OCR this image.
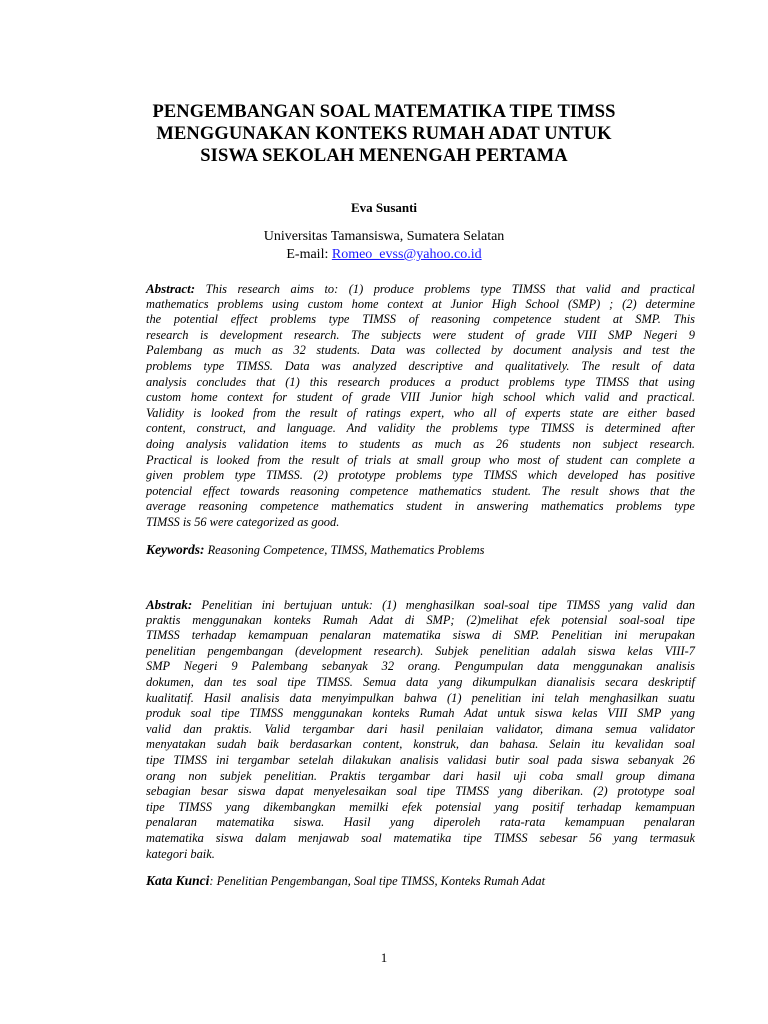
PENGEMBANGAN SOAL MATEMATIKA TIPE TIMSS
MENGGUNAKAN KONTEKS RUMAH ADAT UNTUK
SISWA SEKOLAH MENENGAH PERTAMA
Eva Susanti
Universitas Tamansiswa, Sumatera Selatan
E-mail: Romeo_evss@yahoo.co.id
Abstract: This research aims to: (1) produce problems type TIMSS that valid and practical
mathematics problems using custom home context at Junior High School (SMP) ; (2) determine
the potential effect problems type TIMSS of reasoning competence student at SMP. This
research is development research. The subjects were student of grade VIII SMP Negeri 9
Palembang as much as 32 students. Data was collected by document analysis and test the
problems type TIMSS. Data was analyzed descriptive and qualitatively. The result of data
analysis concludes that (1) this research produces a product problems type TIMSS that using
custom home context for student of grade VIII Junior high school which valid and practical.
Validity is looked from the result of ratings expert, who all of experts state are either based
content, construct, and language. And validity the problems type TIMSS is determined after
doing analysis validation items to students as much as 26 students non subject research.
Practical is looked from the result of trials at small group who most of student can complete a
given problem type TIMSS. (2) prototype problems type TIMSS which developed has positive
potencial effect towards reasoning competence mathematics student. The result shows that the
average reasoning competence mathematics student in answering mathematics problems type
TIMSS is 56 were categorized as good.
Keywords: Reasoning Competence, TIMSS, Mathematics Problems
Abstrak: Penelitian ini bertujuan untuk: (1) menghasilkan soal-soal tipe TIMSS yang valid dan
praktis menggunakan konteks Rumah Adat di SMP; (2)melihat efek potensial soal-soal tipe
TIMSS terhadap kemampuan penalaran matematika siswa di SMP. Penelitian ini merupakan
penelitian pengembangan (development research). Subjek penelitian adalah siswa kelas VIII-7
SMP Negeri 9 Palembang sebanyak 32 orang. Pengumpulan data menggunakan analisis
dokumen, dan tes soal tipe TIMSS. Semua data yang dikumpulkan dianalisis secara deskriptif
kualitatif. Hasil analisis data menyimpulkan bahwa (1) penelitian ini telah menghasilkan suatu
produk soal tipe TIMSS menggunakan konteks Rumah Adat untuk siswa kelas VIII SMP yang
valid dan praktis. Valid tergambar dari hasil penilaian validator, dimana semua validator
menyatakan sudah baik berdasarkan content, konstruk, dan bahasa. Selain itu kevalidan soal
tipe TIMSS ini tergambar setelah dilakukan analisis validasi butir soal pada siswa sebanyak 26
orang non subjek penelitian. Praktis tergambar dari hasil uji coba small group dimana
sebagian besar siswa dapat menyelesaikan soal tipe TIMSS yang diberikan. (2) prototype soal
tipe TIMSS yang dikembangkan memilki efek potensial yang positif terhadap kemampuan
penalaran matematika siswa. Hasil yang diperoleh rata-rata kemampuan penalaran
matematika siswa dalam menjawab soal matematika tipe TIMSS sebesar 56 yang termasuk
kategori baik.
Kata Kunci: Penelitian Pengembangan, Soal tipe TIMSS, Konteks Rumah Adat
1
